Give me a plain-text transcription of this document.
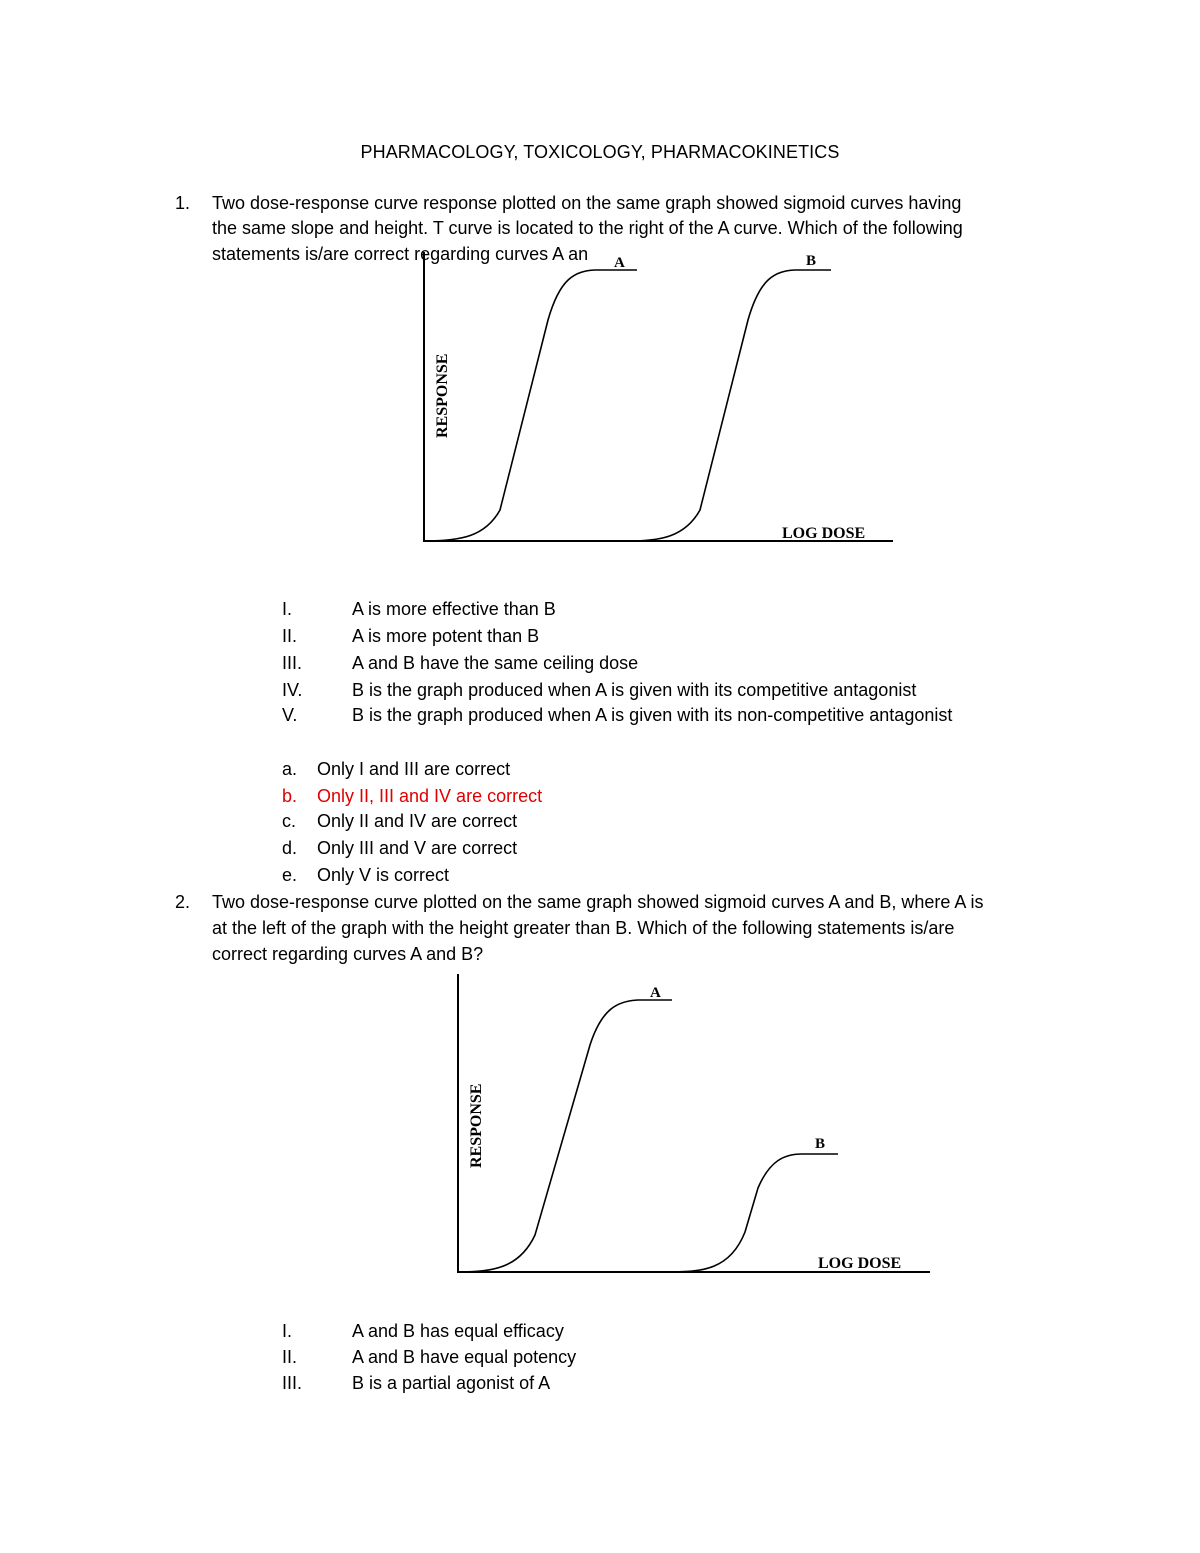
PHARMACOLOGY, TOXICOLOGY, PHARMACOKINETICS
1. Two dose-response curve response plotted on the same graph showed sigmoid curves having
the same slope and height. T curve is located to the right of the A curve. Which of the following
statements is/are correct regarding curves A an A	B
LOG DOSE
RESPONSE
I.	A is more effective than B
II.	A is more potent than B
III.	A and B have the same ceiling dose
IV.	B is the graph produced when A is given with its competitive antagonist
V.	B is the graph produced when A is given with its non-competitive antagonist
a. Only I and III are correct
b. Only II, III and IV are correct
c. Only II and IV are correct
d. Only III and V are correct
e. Only V is correct
2. Two dose-response curve plotted on the same graph showed sigmoid curves A and B, where A is
at the left of the graph with the height greater than B. Which of the following statements is/are
correct regarding curves A and B?
A
B
LOG DOSE
RESPONSE
I.	A and B has equal efficacy
II.	A and B have equal potency
III.	B is a partial agonist of A
